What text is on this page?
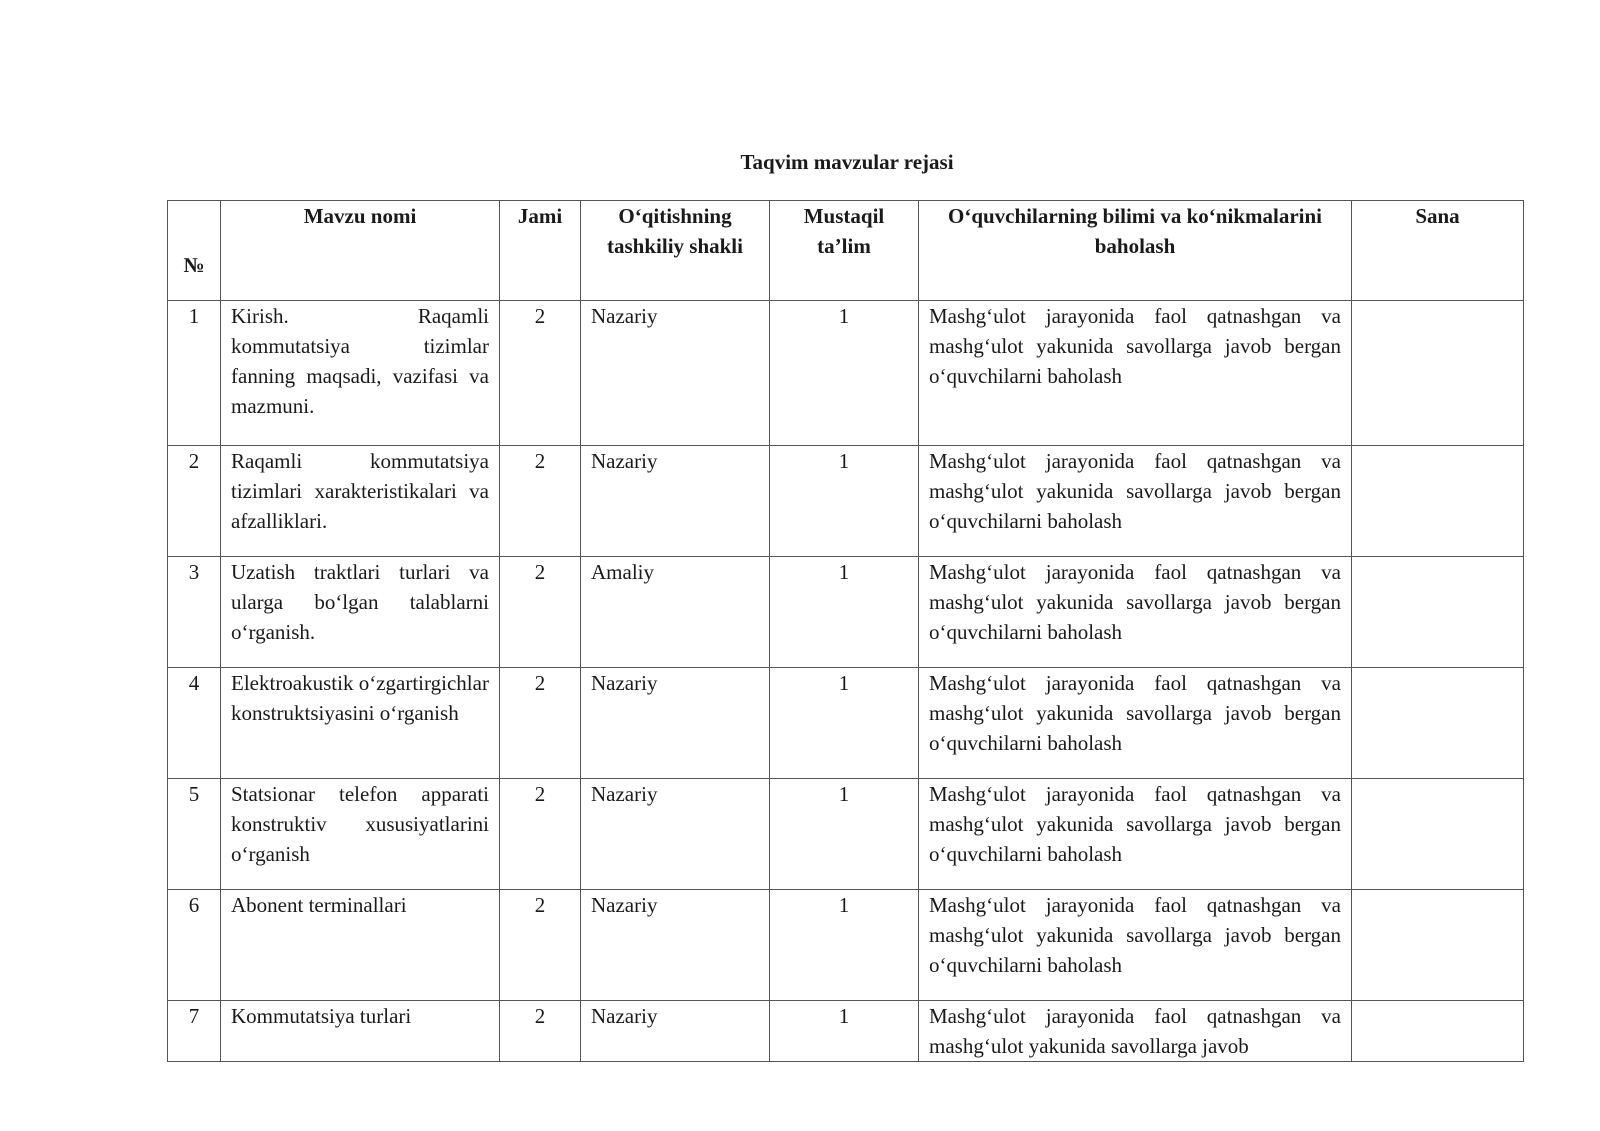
Taqvim mavzular rejasi
№	Mavzu nomi	Jami	O‘qitishning tashkiliy shakli	Mustaqil ta’lim	O‘quvchilarning bilimi va ko‘nikmalarini baholash	Sana
1	Kirish. Raqamli kommutatsiya tizimlar fanning maqsadi, vazifasi va mazmuni.	2	Nazariy	1	Mashg‘ulot jarayonida faol qatnashgan va mashg‘ulot yakunida savollarga javob bergan o‘quvchilarni baholash	
2	Raqamli kommutatsiya tizimlari xarakteristikalari va afzalliklari.	2	Nazariy	1	Mashg‘ulot jarayonida faol qatnashgan va mashg‘ulot yakunida savollarga javob bergan o‘quvchilarni baholash	
3	Uzatish traktlari turlari va ularga bo‘lgan talablarni o‘rganish.	2	Amaliy	1	Mashg‘ulot jarayonida faol qatnashgan va mashg‘ulot yakunida savollarga javob bergan o‘quvchilarni baholash	
4	Elektroakustik o‘zgartirgichlar konstruktsiyasini o‘rganish	2	Nazariy	1	Mashg‘ulot jarayonida faol qatnashgan va mashg‘ulot yakunida savollarga javob bergan o‘quvchilarni baholash	
5	Statsionar telefon apparati konstruktiv xususiyatlarini o‘rganish	2	Nazariy	1	Mashg‘ulot jarayonida faol qatnashgan va mashg‘ulot yakunida savollarga javob bergan o‘quvchilarni baholash	
6	Abonent terminallari	2	Nazariy	1	Mashg‘ulot jarayonida faol qatnashgan va mashg‘ulot yakunida savollarga javob bergan o‘quvchilarni baholash	
7	Kommutatsiya turlari	2	Nazariy	1	Mashg‘ulot jarayonida faol qatnashgan va mashg‘ulot yakunida savollarga javob	
